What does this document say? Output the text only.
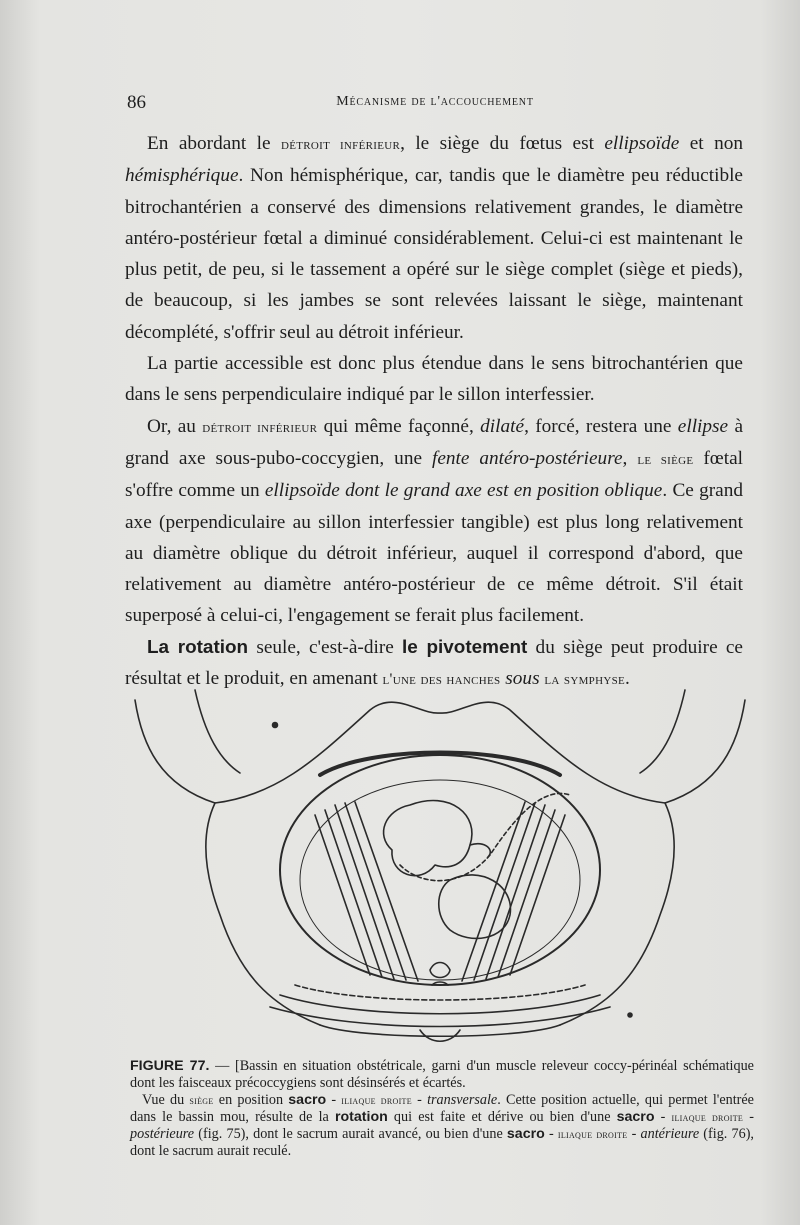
86	Mécanisme de l'accouchement

En abordant le détroit inférieur, le siège du fœtus est ellipsoïde et non hémisphérique. Non hémisphérique, car, tandis que le diamètre peu réductible bitrochantérien a conservé des dimensions relativement grandes, le diamètre antéro-postérieur fœtal a diminué considérablement. Celui-ci est maintenant le plus petit, de peu, si le tassement a opéré sur le siège complet (siège et pieds), de beaucoup, si les jambes se sont relevées laissant le siège, maintenant décomplété, s'offrir seul au détroit inférieur.

La partie accessible est donc plus étendue dans le sens bitrochantérien que dans le sens perpendiculaire indiqué par le sillon interfessier.

Or, au détroit inférieur qui même façonné, dilaté, forcé, restera une ellipse à grand axe sous-pubo-coccygien, une fente antéro-postérieure, le siège fœtal s'offre comme un ellipsoïde dont le grand axe est en position oblique. Ce grand axe (perpendiculaire au sillon interfessier tangible) est plus long relativement au diamètre oblique du détroit inférieur, auquel il correspond d'abord, que relativement au diamètre antéro-postérieur de ce même détroit. S'il était superposé à celui-ci, l'engagement se ferait plus facilement.

La rotation seule, c'est-à-dire le pivotement du siège peut produire ce résultat et le produit, en amenant l'une des hanches sous la symphyse.

FIGURE 77. — [Bassin en situation obstétricale, garni d'un muscle releveur coccy-périnéal schématique dont les faisceaux précoccygiens sont désinsérés et écartés.

Vue du siège en position sacro - iliaque droite - transversale. Cette position actuelle, qui permet l'entrée dans le bassin mou, résulte de la rotation qui est faite et dérive ou bien d'une sacro - iliaque droite - postérieure (fig. 75), dont le sacrum aurait avancé, ou bien d'une sacro - iliaque droite - antérieure (fig. 76), dont le sacrum aurait reculé.
